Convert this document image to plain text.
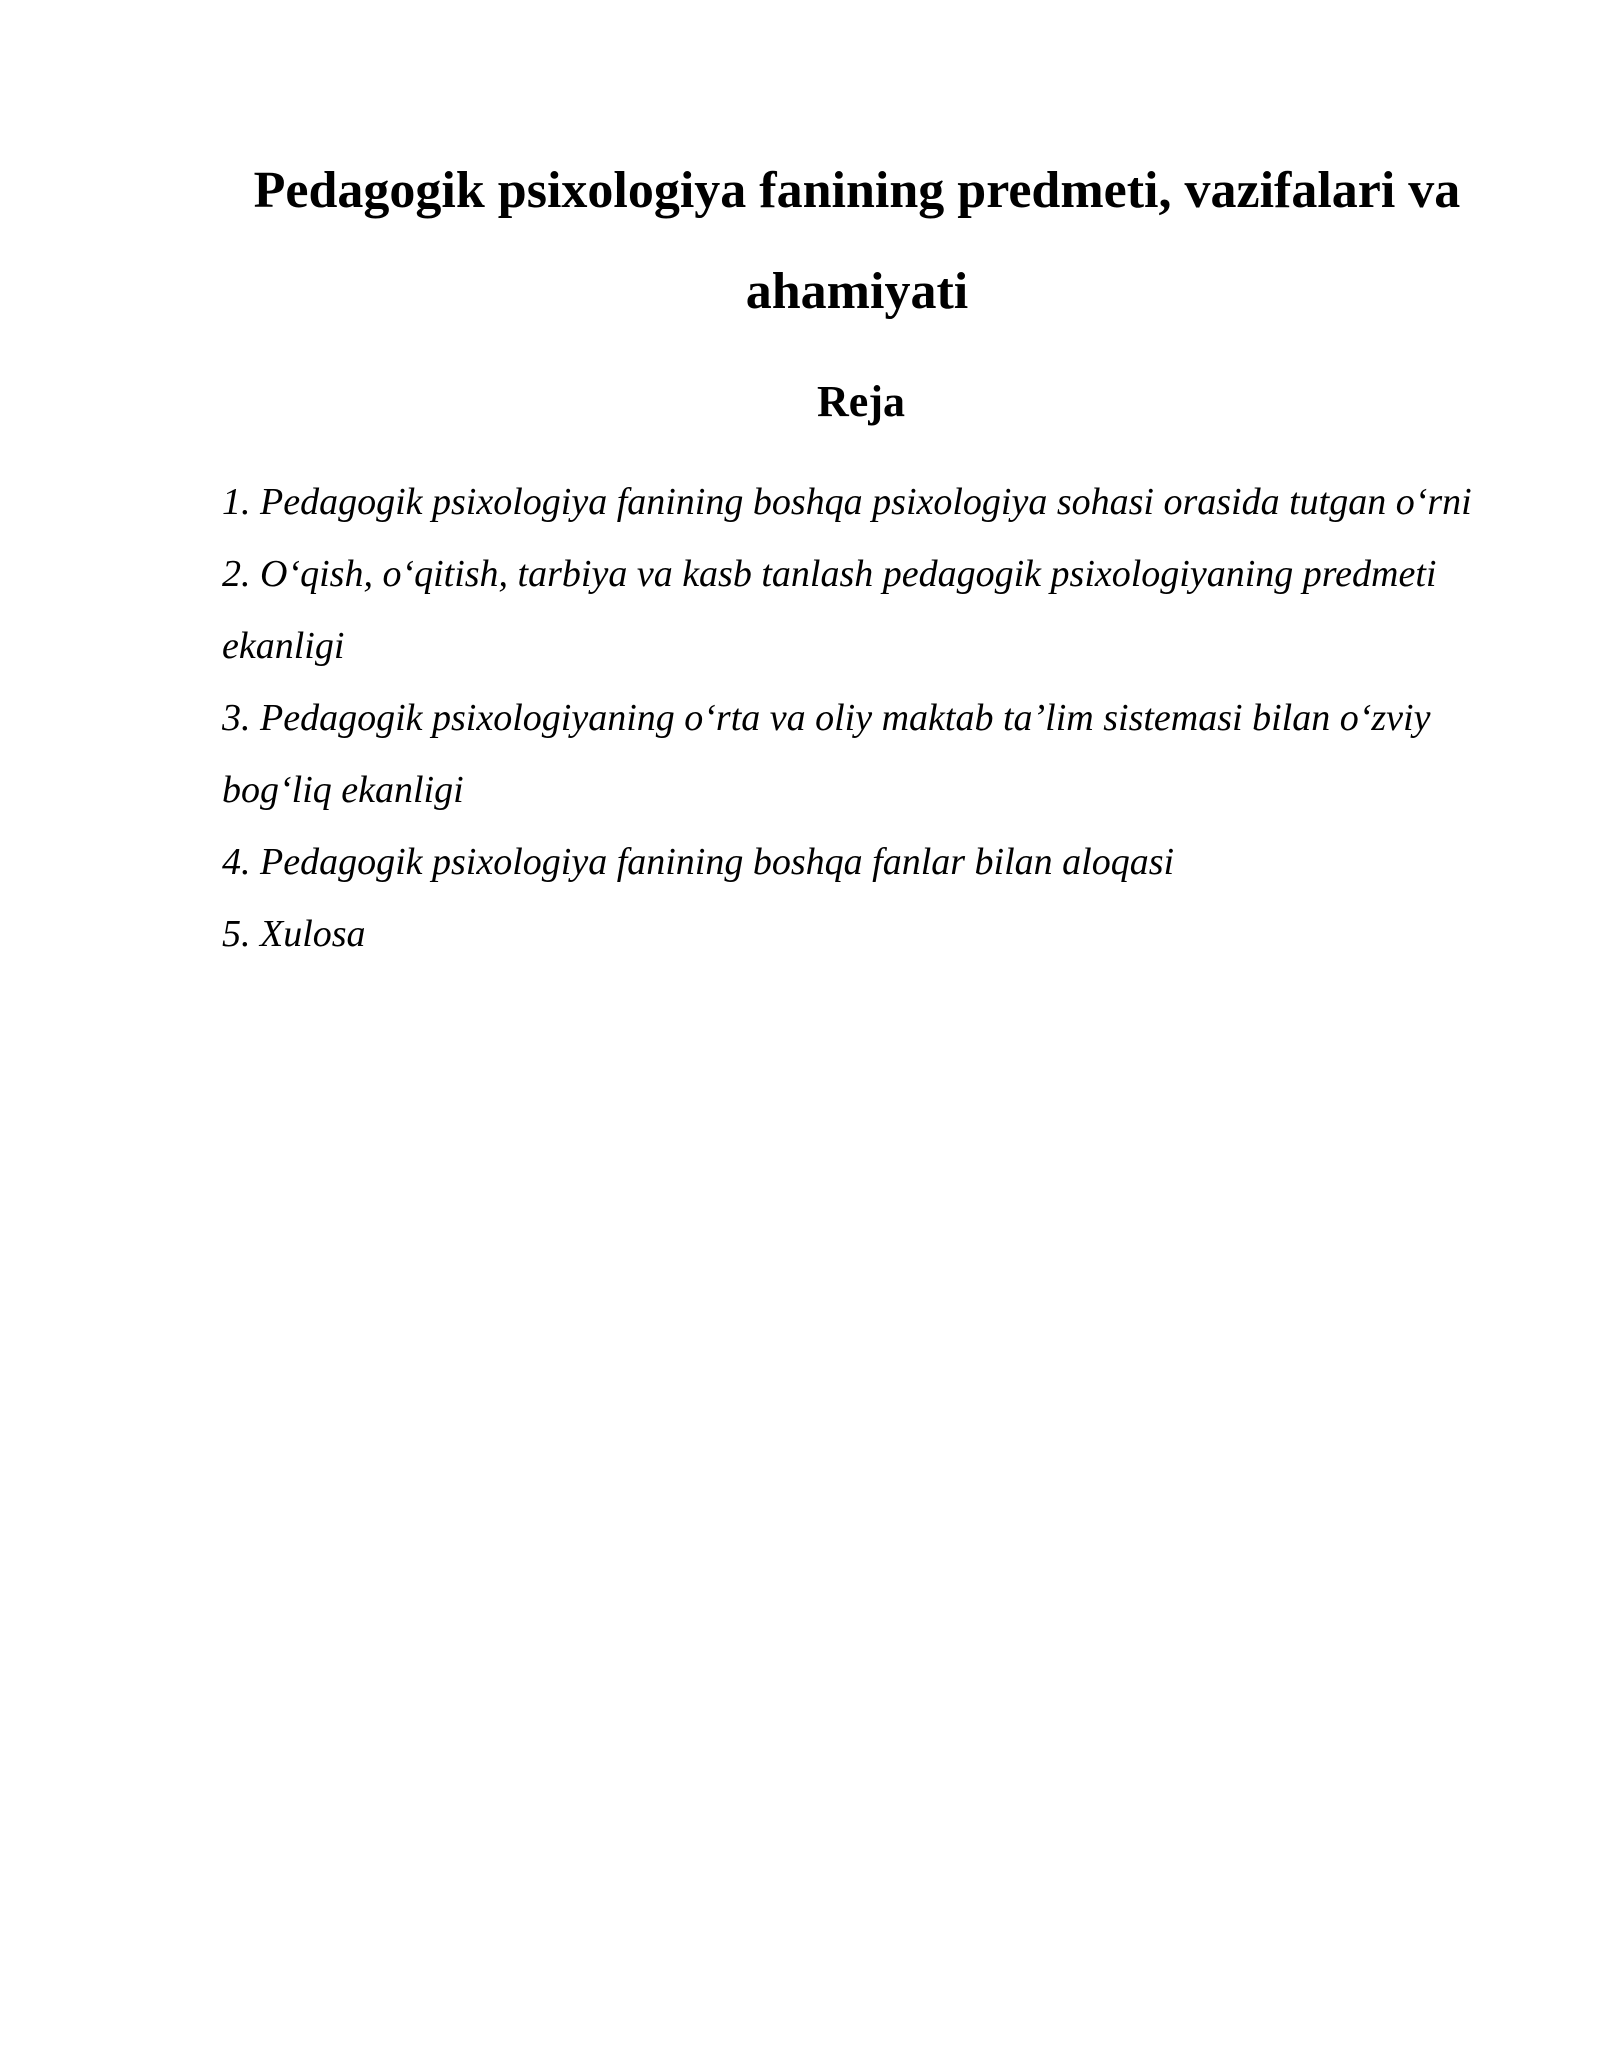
Pedagogik psixologiya fanining predmeti, vazifalari va ahamiyati
Reja
1. Pedagogik psixologiya fanining boshqa psixologiya sohasi orasida tutgan o‘rni
2. O‘qish, o‘qitish, tarbiya va kasb tanlash pedagogik psixologiyaning predmeti ekanligi
3. Pedagogik psixologiyaning o‘rta va oliy maktab ta’lim sistemasi bilan o‘zviy bog‘liq ekanligi
4. Pedagogik psixologiya fanining boshqa fanlar bilan aloqasi
5. Xulosa
